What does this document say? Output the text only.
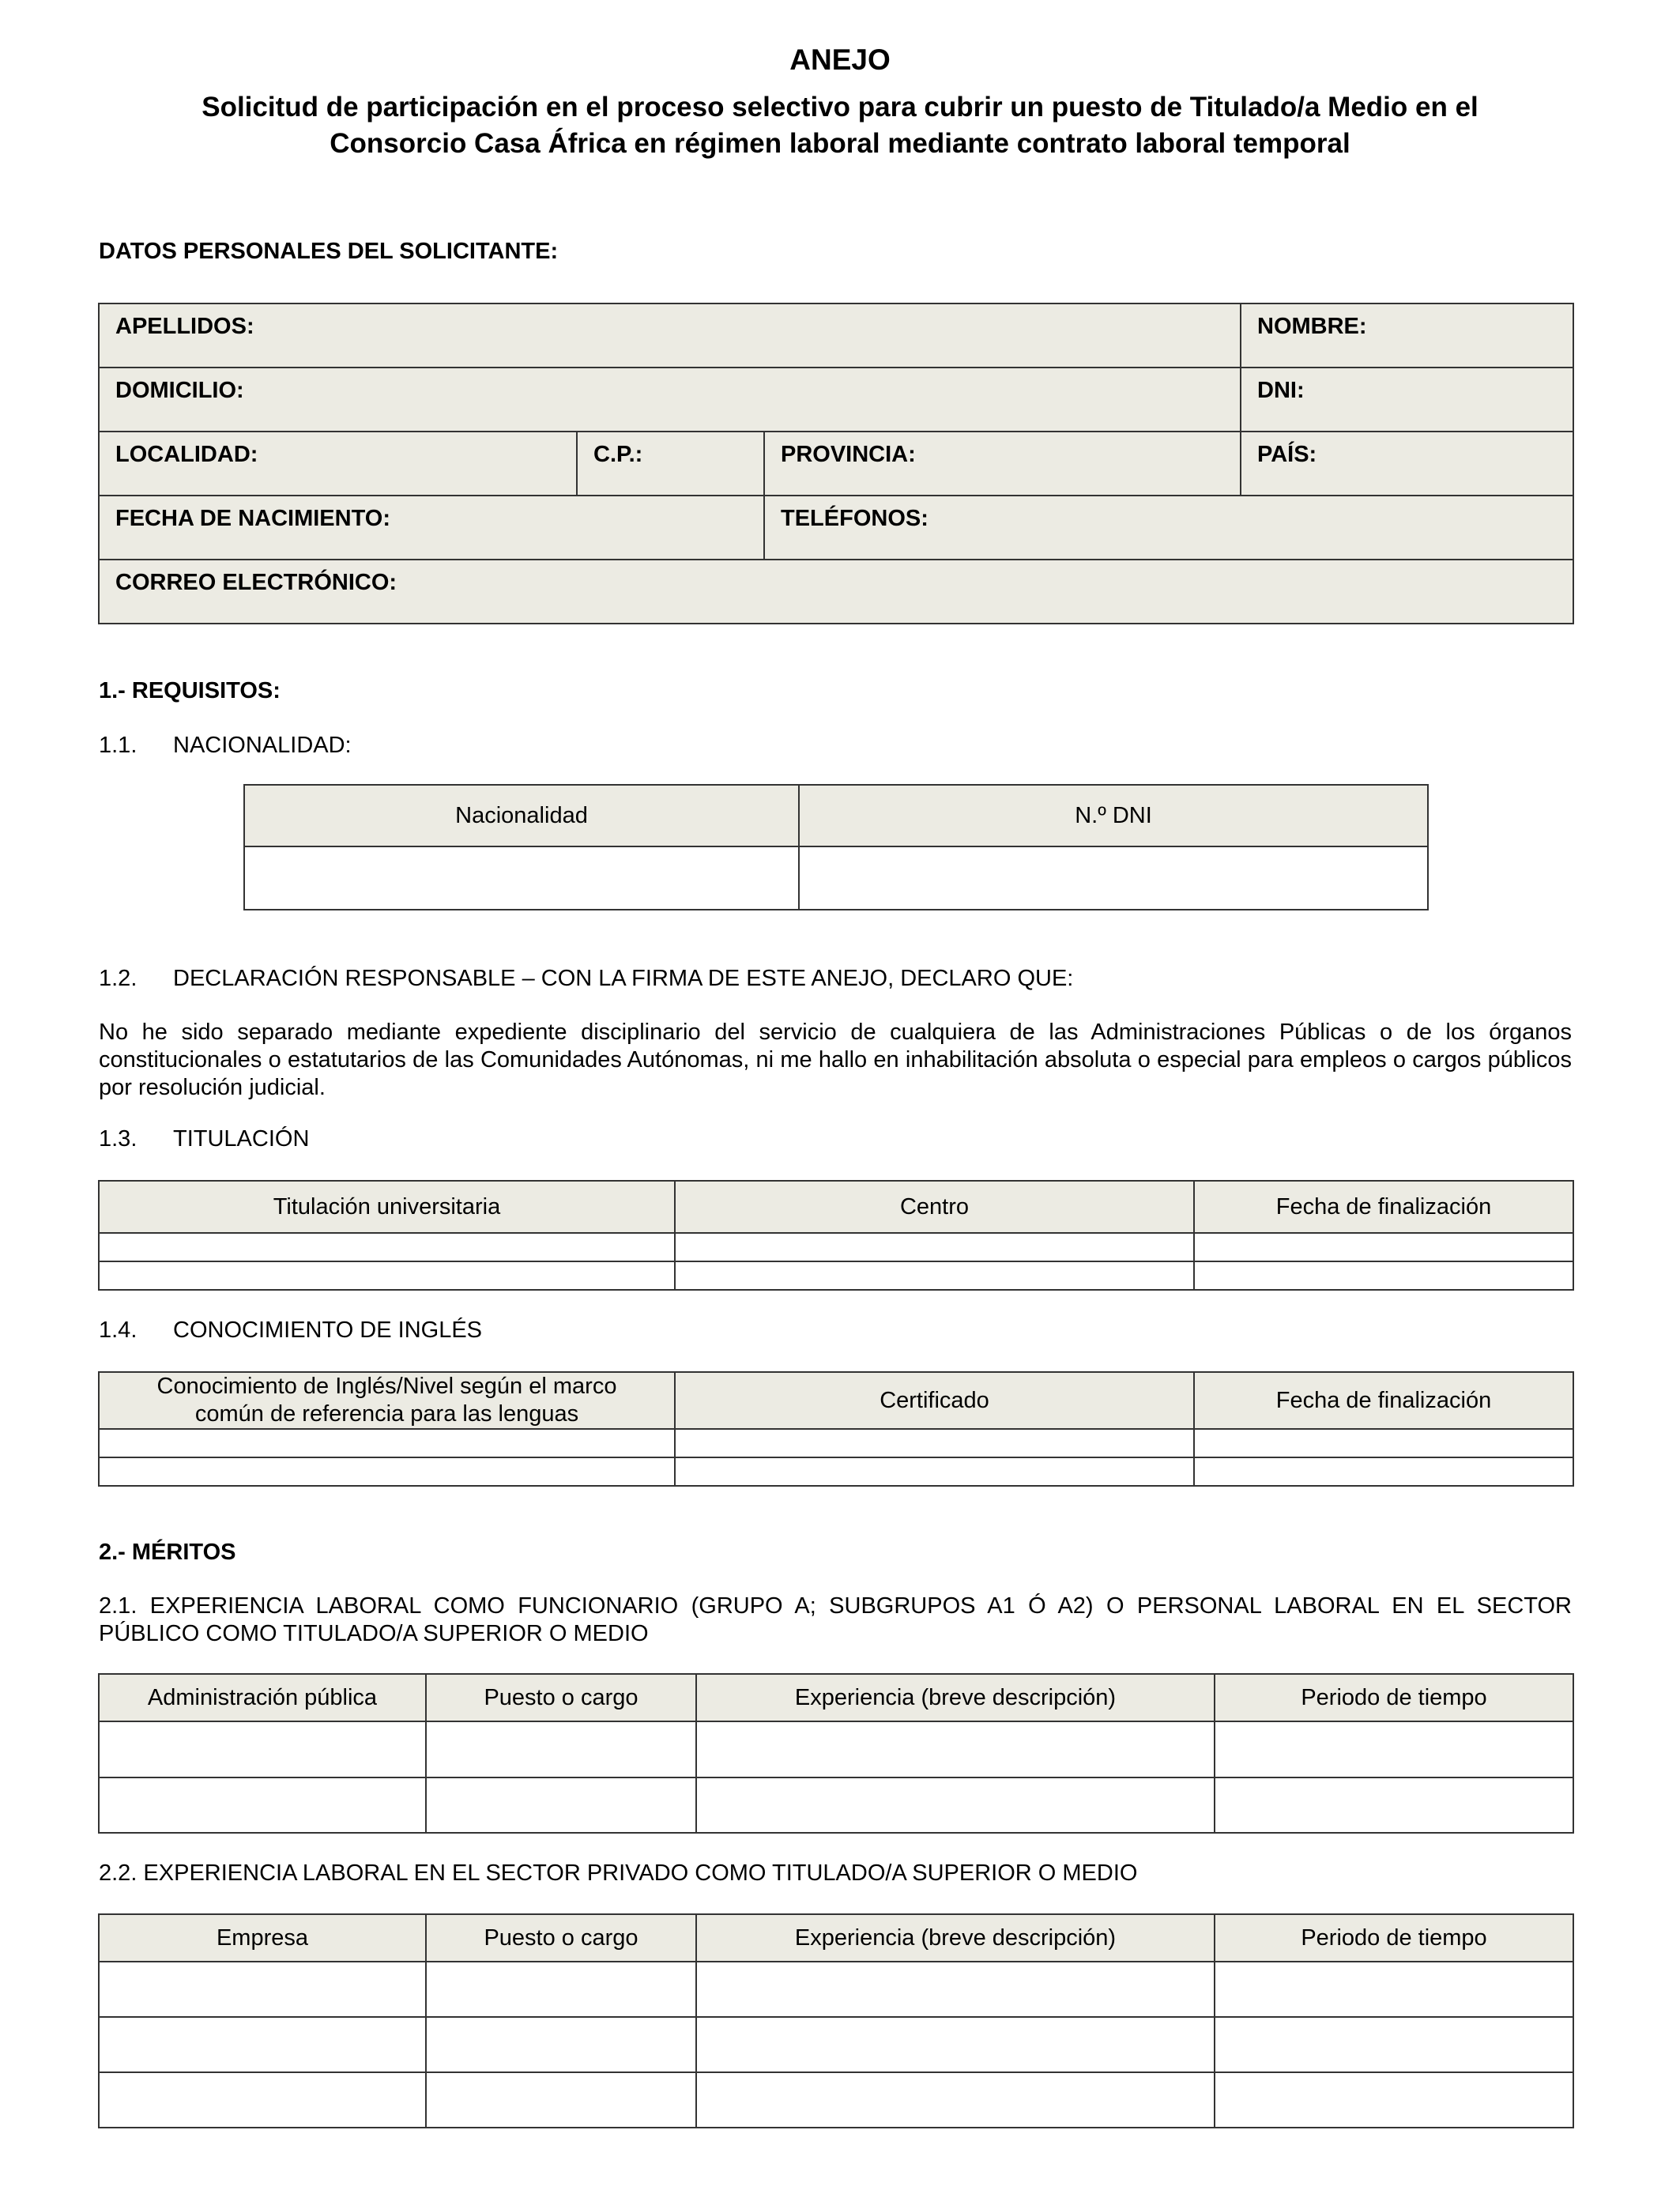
ANEJO
Solicitud de participación en el proceso selectivo para cubrir un puesto de Titulado/a Medio en el
Consorcio Casa África en régimen laboral mediante contrato laboral temporal
DATOS PERSONALES DEL SOLICITANTE:
APELLIDOS:			NOMBRE:
DOMICILIO:			DNI:
LOCALIDAD:	C.P.:	PROVINCIA:	PAÍS:
FECHA DE NACIMIENTO:		TELÉFONOS:	
CORREO ELECTRÓNICO:			
1.- REQUISITOS:
1.1. NACIONALIDAD:
Nacionalidad	N.º DNI

1.2. DECLARACIÓN RESPONSABLE – CON LA FIRMA DE ESTE ANEJO, DECLARO QUE:
No he sido separado mediante expediente disciplinario del servicio de cualquiera de las Administraciones Públicas o de los órganos constitucionales o estatutarios de las Comunidades Autónomas, ni me hallo en inhabilitación absoluta o especial para empleos o cargos públicos por resolución judicial.
1.3. TITULACIÓN
Titulación universitaria	Centro	Fecha de finalización

1.4. CONOCIMIENTO DE INGLÉS
Conocimiento de Inglés/Nivel según el marco
común de referencia para las lenguas	Certificado	Fecha de finalización

2.- MÉRITOS
2.1. EXPERIENCIA LABORAL COMO FUNCIONARIO (GRUPO A; SUBGRUPOS A1 Ó A2) O PERSONAL LABORAL EN EL SECTOR PÚBLICO COMO TITULADO/A SUPERIOR O MEDIO
Administración pública	Puesto o cargo	Experiencia (breve descripción)	Periodo de tiempo

2.2. EXPERIENCIA LABORAL EN EL SECTOR PRIVADO COMO TITULADO/A SUPERIOR O MEDIO
Empresa	Puesto o cargo	Experiencia (breve descripción)	Periodo de tiempo
